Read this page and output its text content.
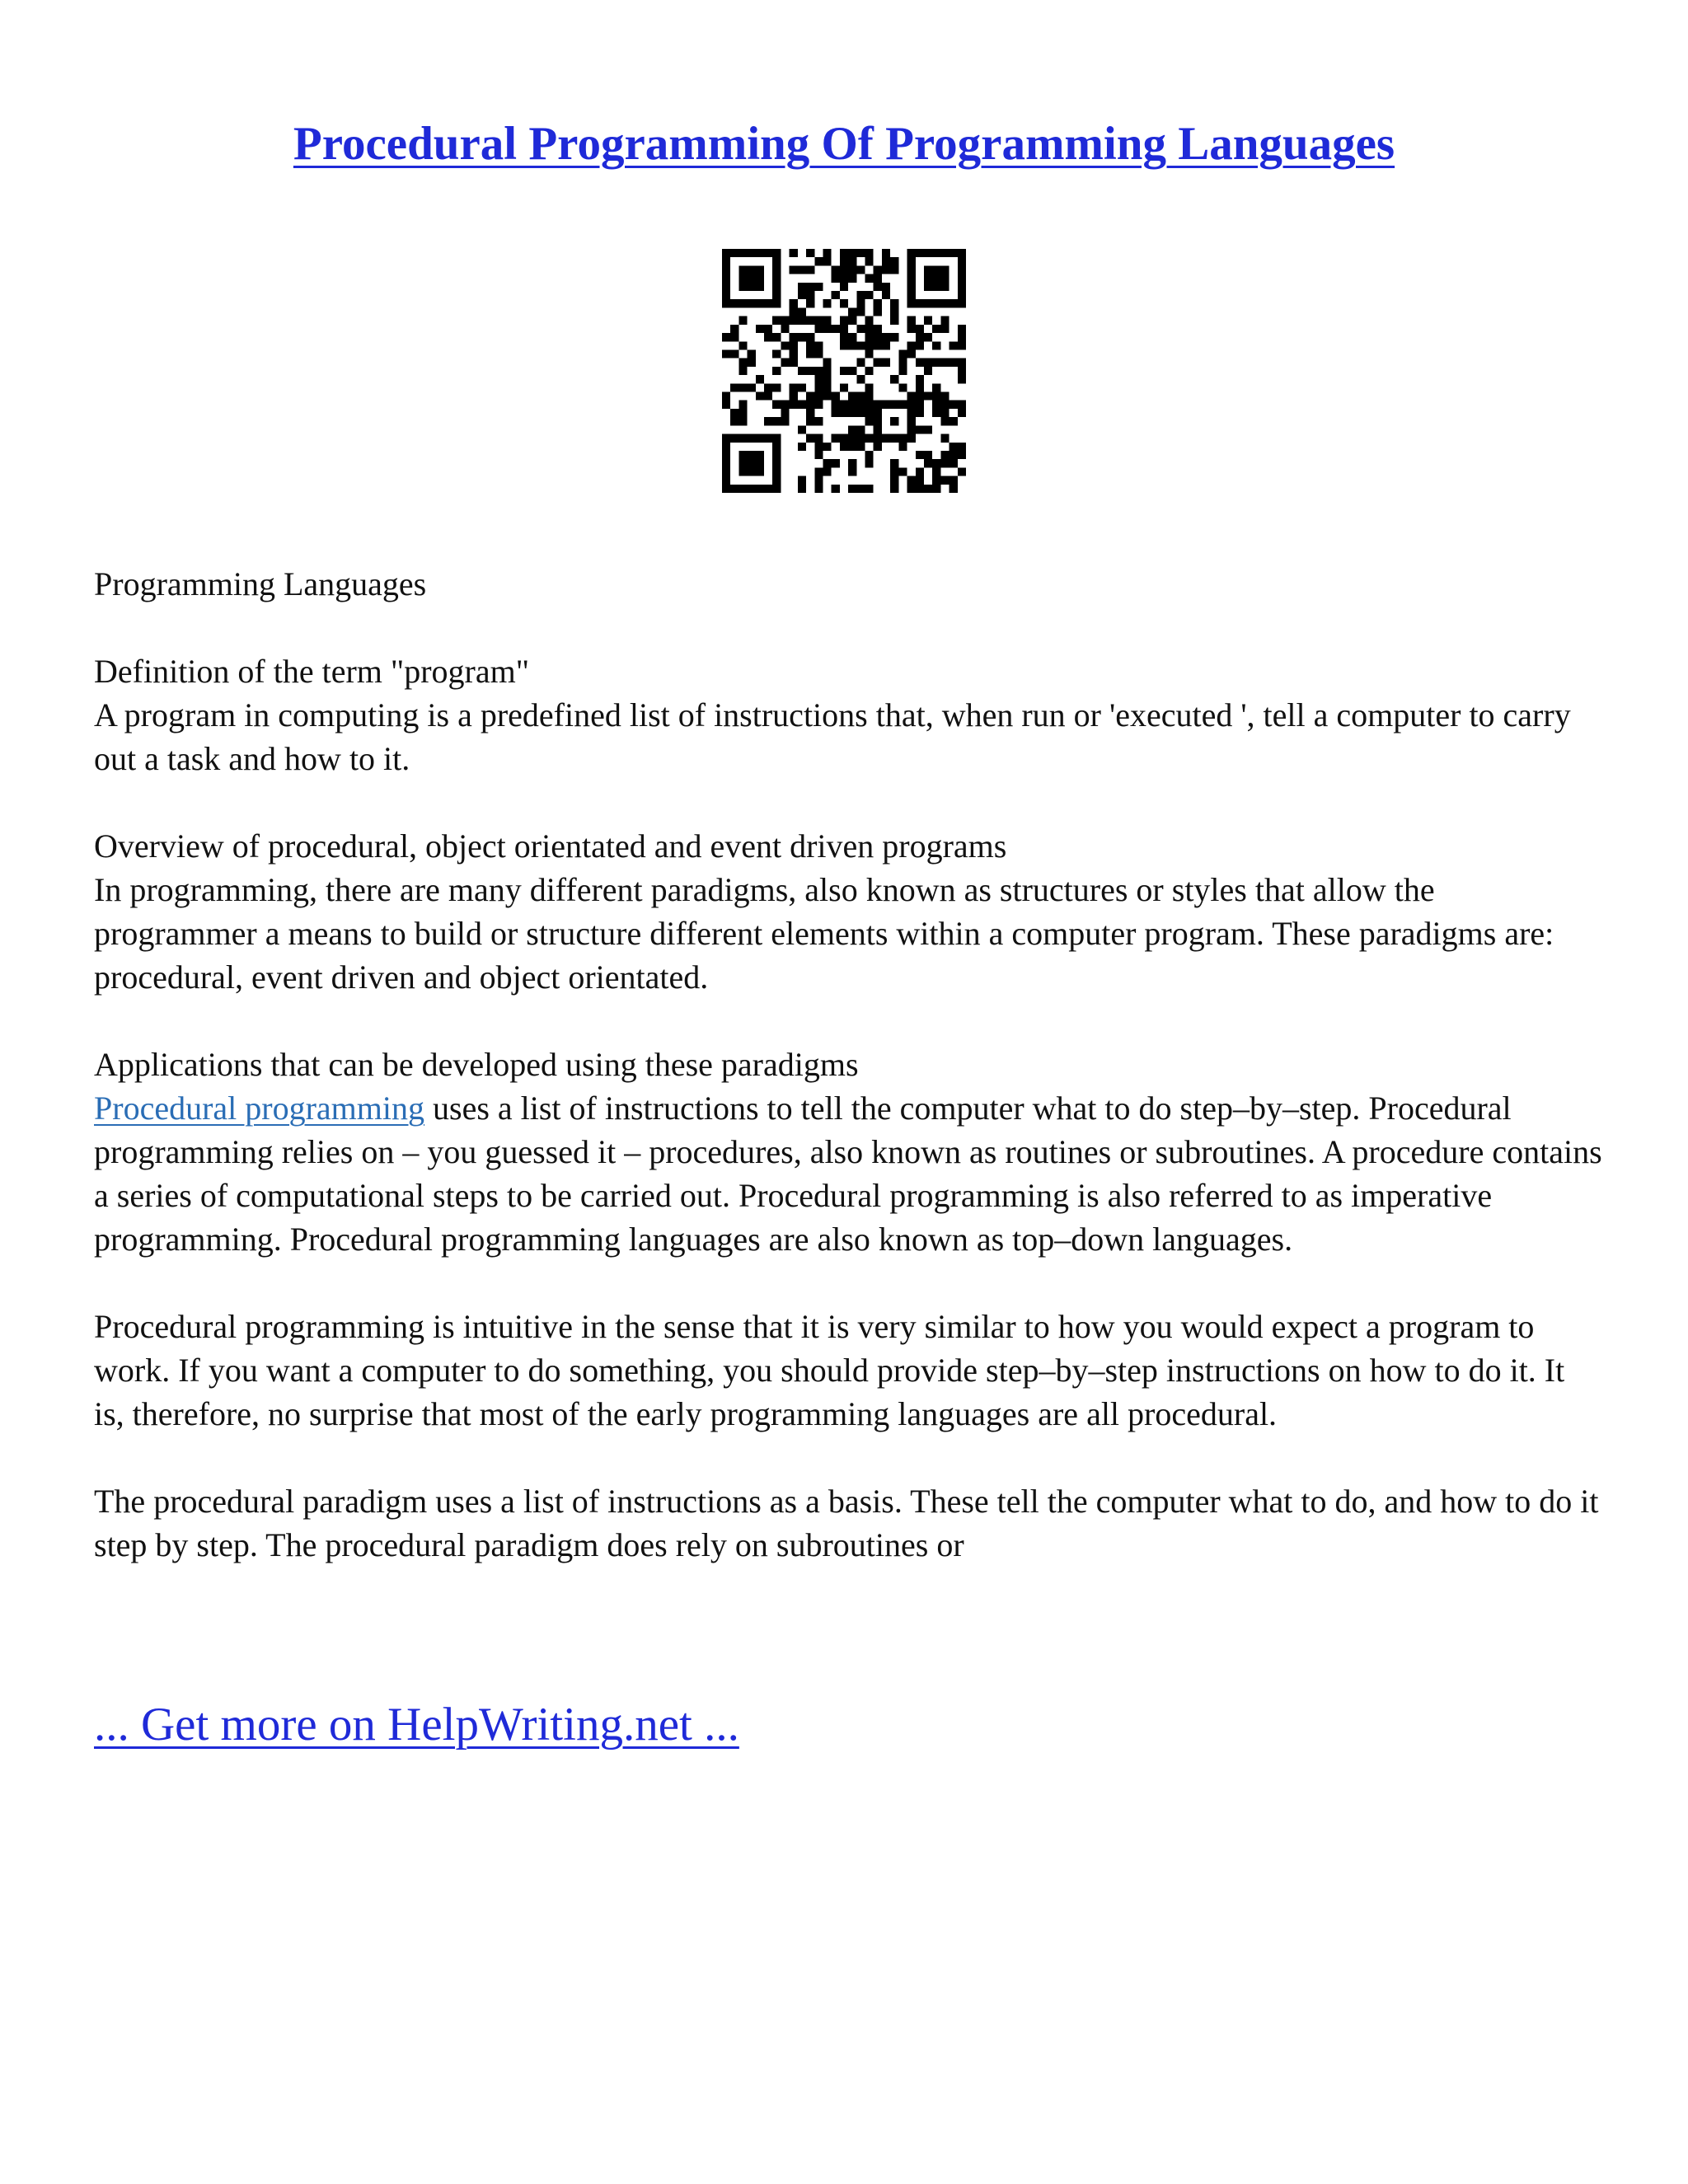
Procedural Programming Of Programming Languages

Programming Languages

Definition of the term "program"
A program in computing is a predefined list of instructions that, when run or 'executed ', tell a computer to carry out a task and how to it.

Overview of procedural, object orientated and event driven programs
In programming, there are many different paradigms, also known as structures or styles that allow the programmer a means to build or structure different elements within a computer program. These paradigms are: procedural, event driven and object orientated.

Applications that can be developed using these paradigms
Procedural programming uses a list of instructions to tell the computer what to do step–by–step. Procedural programming relies on – you guessed it – procedures, also known as routines or subroutines. A procedure contains a series of computational steps to be carried out. Procedural programming is also referred to as imperative programming. Procedural programming languages are also known as top–down languages.

Procedural programming is intuitive in the sense that it is very similar to how you would expect a program to work. If you want a computer to do something, you should provide step–by–step instructions on how to do it. It is, therefore, no surprise that most of the early programming languages are all procedural.

The procedural paradigm uses a list of instructions as a basis. These tell the computer what to do, and how to do it step by step. The procedural paradigm does rely on subroutines or

... Get more on HelpWriting.net ...
